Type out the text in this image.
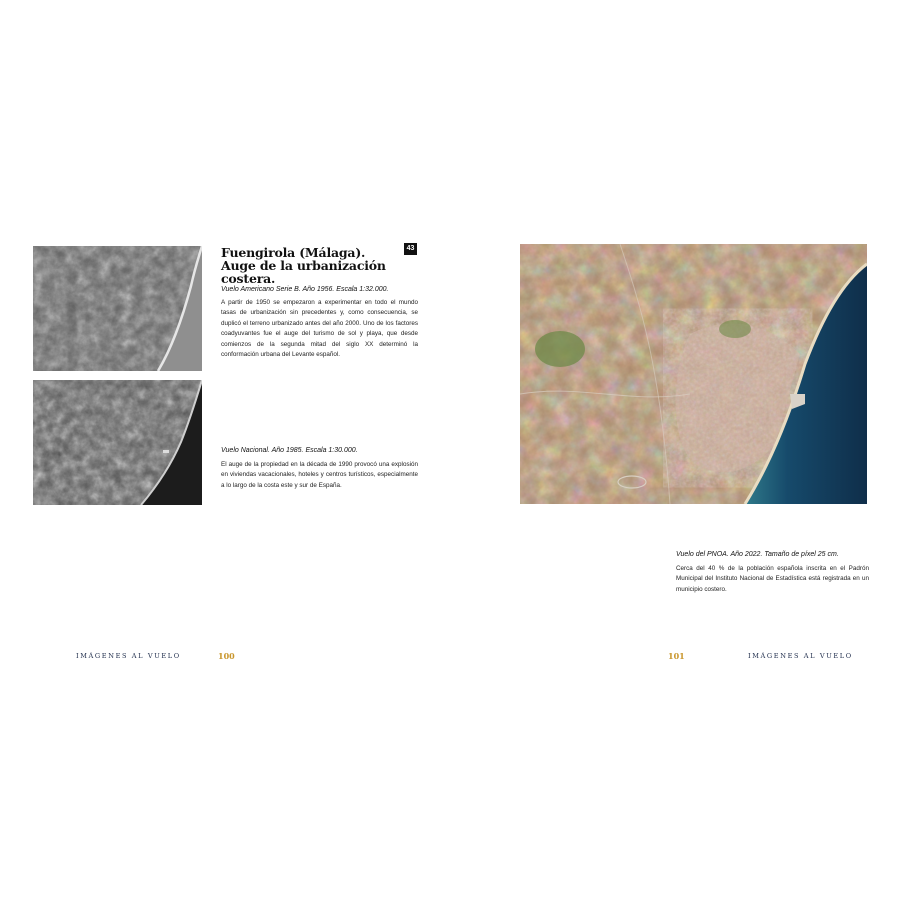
Fuengirola (Málaga).
Auge de la urbanización costera.
43
Vuelo Americano Serie B. Año 1956. Escala 1:32.000.
A partir de 1950 se empezaron a experimentar en todo el mundo tasas de urbanización sin precedentes y, como consecuencia, se duplicó el terreno urbanizado antes del año 2000. Uno de los factores coadyuvantes fue el auge del turismo de sol y playa, que desde comienzos de la segunda mitad del siglo XX determinó la conformación urbana del Levante español.
Vuelo Nacional. Año 1985. Escala 1:30.000.
El auge de la propiedad en la década de 1990 provocó una explosión en viviendas vacacionales, hoteles y centros turísticos, especialmente a lo largo de la costa este y sur de España.
IMÁGENES AL VUELO	100
Vuelo del PNOA. Año 2022. Tamaño de píxel 25 cm.
Cerca del 40 % de la población española inscrita en el Padrón Municipal del Instituto Nacional de Estadística está registrada en un municipio costero.
101	IMÁGENES AL VUELO
